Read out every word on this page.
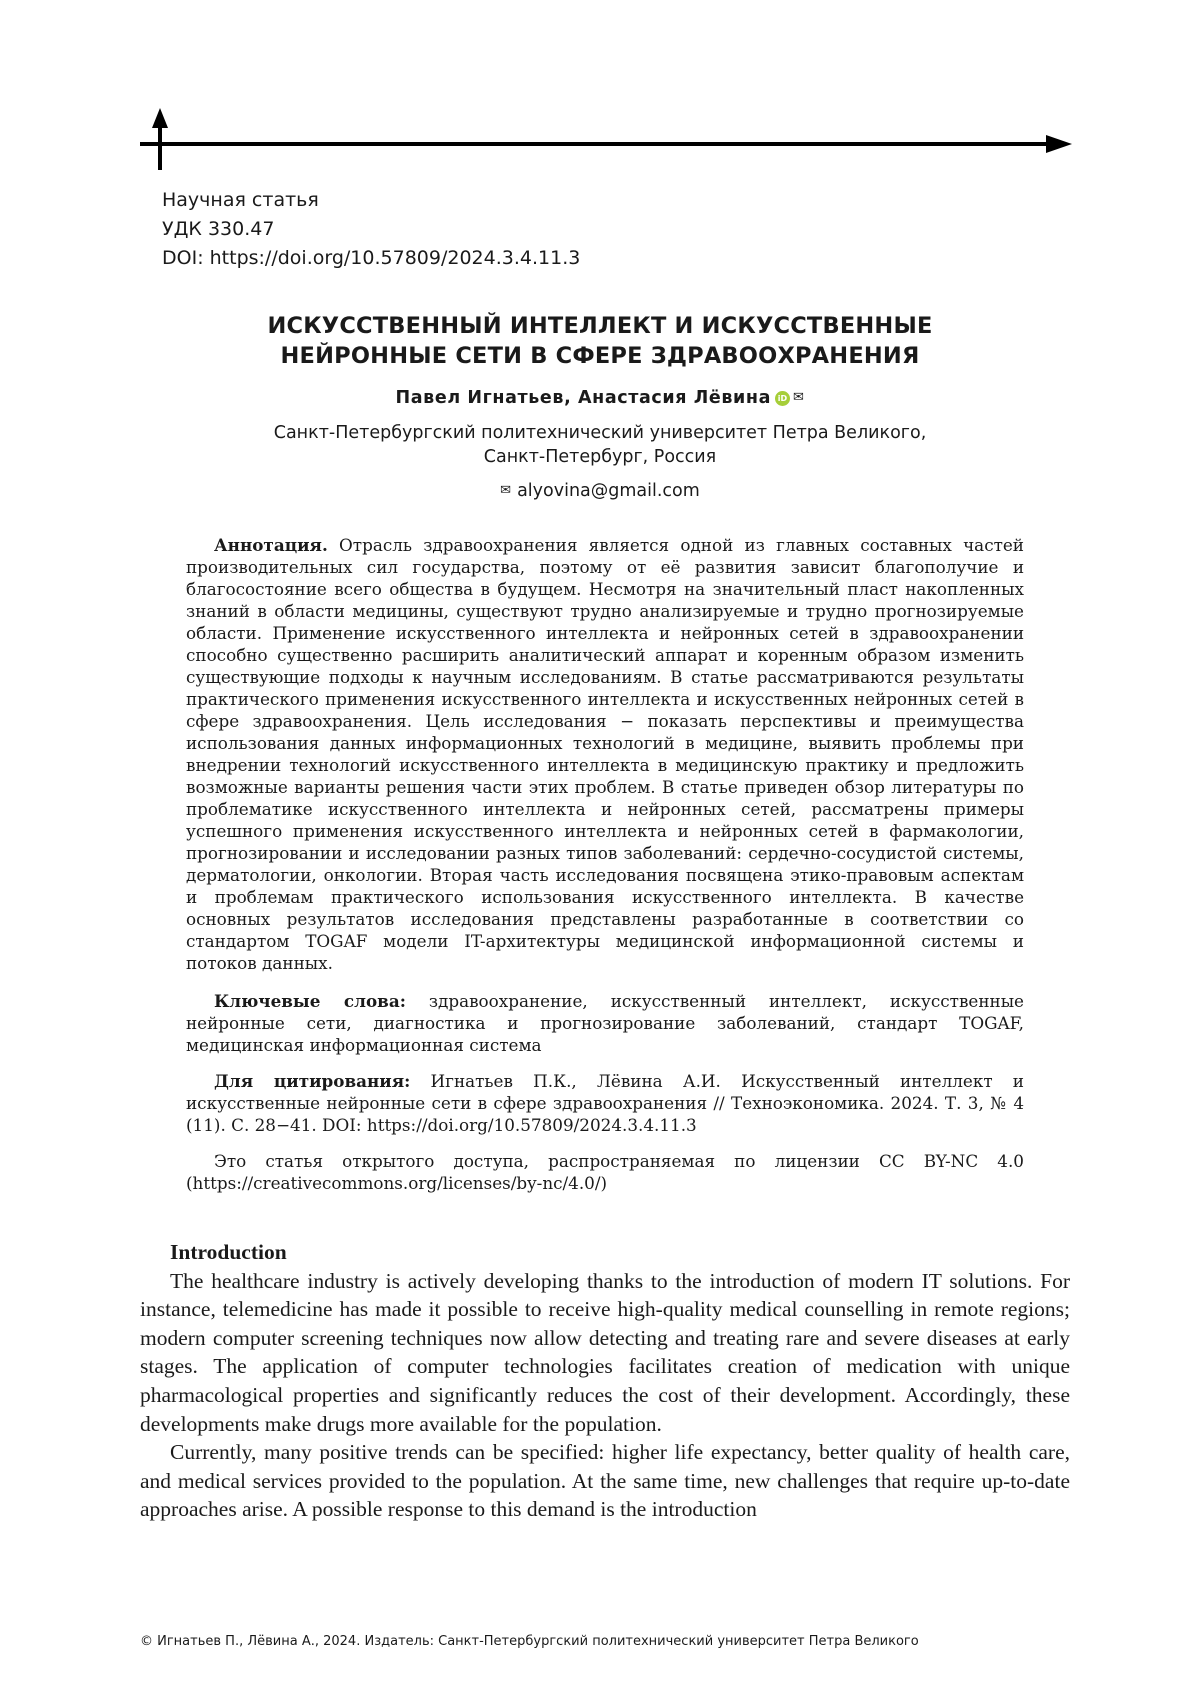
Научная статья
УДК 330.47
DOI: https://doi.org/10.57809/2024.3.4.11.3
ИСКУССТВЕННЫЙ ИНТЕЛЛЕКТ И ИСКУССТВЕННЫЕ
НЕЙРОННЫЕ СЕТИ В СФЕРЕ ЗДРАВООХРАНЕНИЯ
Павел Игнатьев, Анастасия Лёвина iD ✉
Санкт-Петербургский политехнический университет Петра Великого,
Санкт-Петербург, Россия
✉ alyovina@gmail.com

Аннотация. Отрасль здравоохранения является одной из главных составных частей производительных сил государства, поэтому от её развития зависит благополучие и благосостояние всего общества в будущем. Несмотря на значительный пласт накопленных знаний в области медицины, существуют трудно анализируемые и трудно прогнозируемые области. Применение искусственного интеллекта и нейронных сетей в здравоохранении способно существенно расширить аналитический аппарат и коренным образом изменить существующие подходы к научным исследованиям. В статье рассматриваются результаты практического применения искусственного интеллекта и искусственных нейронных сетей в сфере здравоохранения. Цель исследования − показать перспективы и преимущества использования данных информационных технологий в медицине, выявить проблемы при внедрении технологий искусственного интеллекта в медицинскую практику и предложить возможные варианты решения части этих проблем. В статье приведен обзор литературы по проблематике искусственного интеллекта и нейронных сетей, рассматрены примеры успешного применения искусственного интеллекта и нейронных сетей в фармакологии, прогнозировании и исследовании разных типов заболеваний: сердечно-сосудистой системы, дерматологии, онкологии. Вторая часть исследования посвящена этико-правовым аспектам и проблемам практического использования искусственного интеллекта. В качестве основных результатов исследования представлены разработанные в соответствии со стандартом TOGAF модели IT-архитектуры медицинской информационной системы и потоков данных.

Ключевые слова: здравоохранение, искусственный интеллект, искусственные нейронные сети, диагностика и прогнозирование заболеваний, стандарт TOGAF, медицинская информационная система

Для цитирования: Игнатьев П.К., Лёвина А.И. Искусственный интеллект и искусственные нейронные сети в сфере здравоохранения // Техноэкономика. 2024. Т. 3, № 4 (11). С. 28−41. DOI: https://doi.org/10.57809/2024.3.4.11.3

Это статья открытого доступа, распространяемая по лицензии CC BY-NC 4.0 (https://creativecommons.org/licenses/by-nc/4.0/)

Introduction

The healthcare industry is actively developing thanks to the introduction of modern IT solutions. For instance, telemedicine has made it possible to receive high-quality medical counselling in remote regions; modern computer screening techniques now allow detecting and treating rare and severe diseases at early stages. The application of computer technologies facilitates creation of medication with unique pharmacological properties and significantly reduces the cost of their development. Accordingly, these developments make drugs more available for the population.

Currently, many positive trends can be specified: higher life expectancy, better quality of health care, and medical services provided to the population. At the same time, new challenges that require up-to-date approaches arise. A possible response to this demand is the introduction

© Игнатьев П., Лёвина А., 2024. Издатель: Санкт-Петербургский политехнический университет Петра Великого
